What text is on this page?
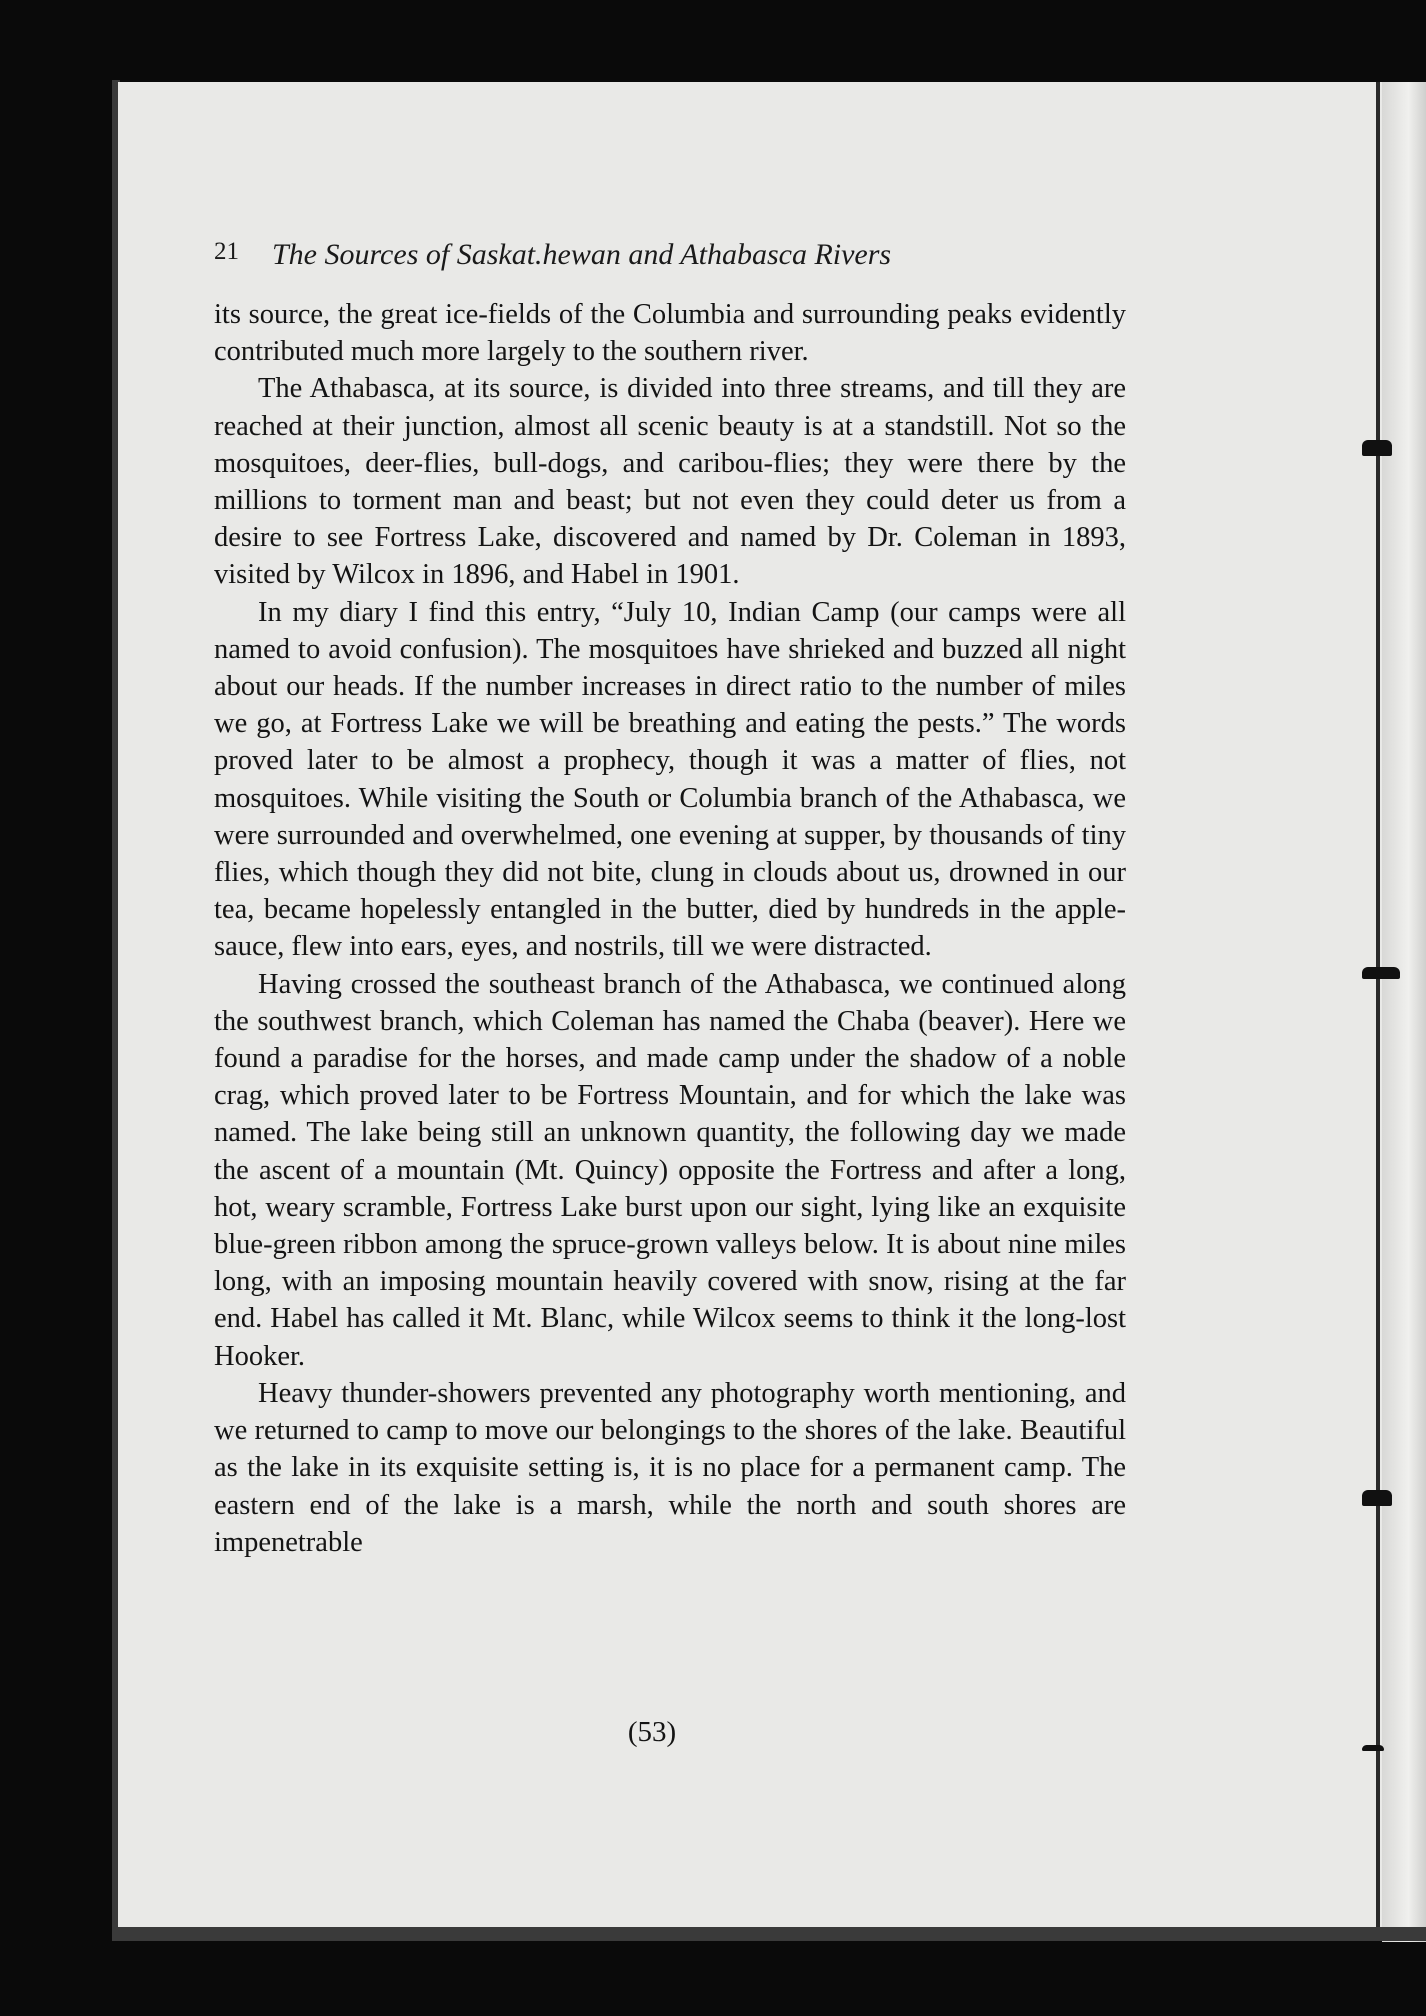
21 The Sources of Saskat.hewan and Athabasca Rivers

its source, the great ice-fields of the Columbia and surrounding peaks evidently contributed much more largely to the southern river.

The Athabasca, at its source, is divided into three streams, and till they are reached at their junction, almost all scenic beauty is at a standstill. Not so the mosquitoes, deer-flies, bull-dogs, and caribou-flies; they were there by the millions to torment man and beast; but not even they could deter us from a desire to see Fortress Lake, discovered and named by Dr. Coleman in 1893, visited by Wilcox in 1896, and Habel in 1901.

In my diary I find this entry, “July 10, Indian Camp (our camps were all named to avoid confusion). The mosquitoes have shrieked and buzzed all night about our heads. If the number increases in direct ratio to the number of miles we go, at Fortress Lake we will be breathing and eating the pests.” The words proved later to be almost a prophecy, though it was a matter of flies, not mosquitoes. While visiting the South or Columbia branch of the Athabasca, we were surrounded and overwhelmed, one evening at supper, by thousands of tiny flies, which though they did not bite, clung in clouds about us, drowned in our tea, became hopelessly entangled in the butter, died by hundreds in the apple-sauce, flew into ears, eyes, and nostrils, till we were distracted.

Having crossed the southeast branch of the Athabasca, we continued along the southwest branch, which Coleman has named the Chaba (beaver). Here we found a paradise for the horses, and made camp under the shadow of a noble crag, which proved later to be Fortress Mountain, and for which the lake was named. The lake being still an unknown quantity, the following day we made the ascent of a mountain (Mt. Quincy) opposite the Fortress and after a long, hot, weary scramble, Fortress Lake burst upon our sight, lying like an exquisite blue-green ribbon among the spruce-grown valleys below. It is about nine miles long, with an imposing mountain heavily covered with snow, rising at the far end. Habel has called it Mt. Blanc, while Wilcox seems to think it the long-lost Hooker.

Heavy thunder-showers prevented any photography worth mentioning, and we returned to camp to move our belongings to the shores of the lake. Beautiful as the lake in its exquisite setting is, it is no place for a permanent camp. The eastern end of the lake is a marsh, while the north and south shores are impenetrable

(53)
